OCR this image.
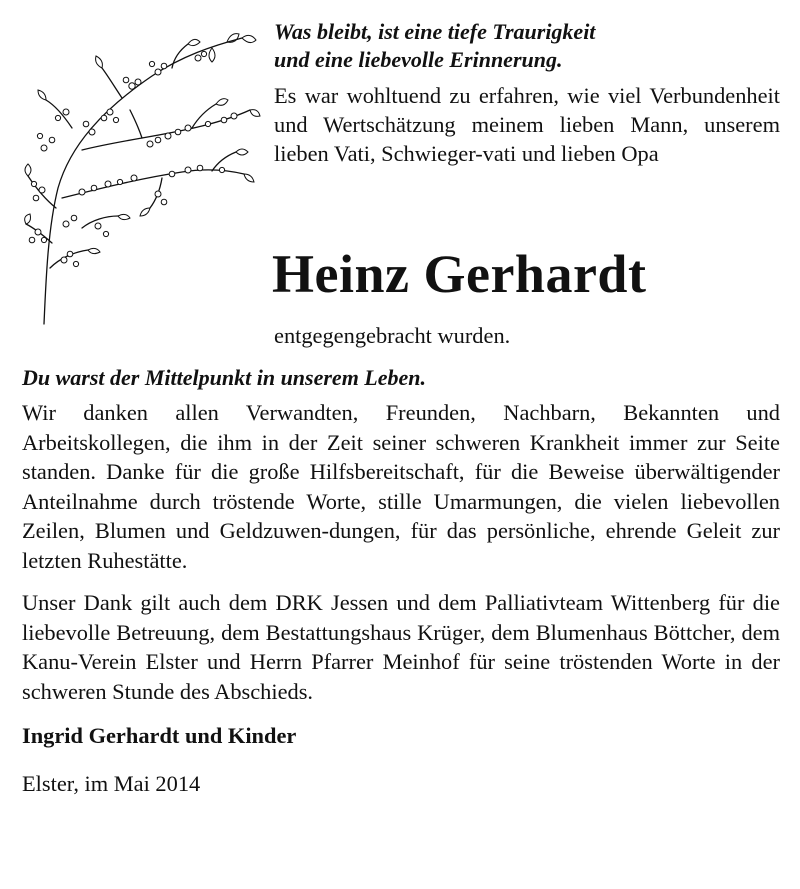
Was bleibt, ist eine tiefe Traurigkeit

und eine liebevolle Erinnerung.

Es war wohltuend zu erfahren, wie viel Verbundenheit und Wertschätzung meinem lieben Mann, unserem lieben Vati, Schwieger-vati und lieben Opa

Heinz Gerhardt

entgegengebracht wurden.

Du warst der Mittelpunkt in unserem Leben.

Wir danken allen Verwandten, Freunden, Nachbarn, Bekannten und Arbeitskollegen, die ihm in der Zeit seiner schweren Krankheit immer zur Seite standen. Danke für die große Hilfsbereitschaft, für die Beweise überwältigender Anteilnahme durch tröstende Worte, stille Umarmungen, die vielen liebevollen Zeilen, Blumen und Geldzuwen-dungen, für das persönliche, ehrende Geleit zur letzten Ruhestätte.

Unser Dank gilt auch dem DRK Jessen und dem Palliativteam Wittenberg für die liebevolle Betreuung, dem Bestattungshaus Krüger, dem Blumenhaus Böttcher, dem Kanu-Verein Elster und Herrn Pfarrer Meinhof für seine tröstenden Worte in der schweren Stunde des Abschieds.

Ingrid Gerhardt und Kinder

Elster, im Mai 2014
